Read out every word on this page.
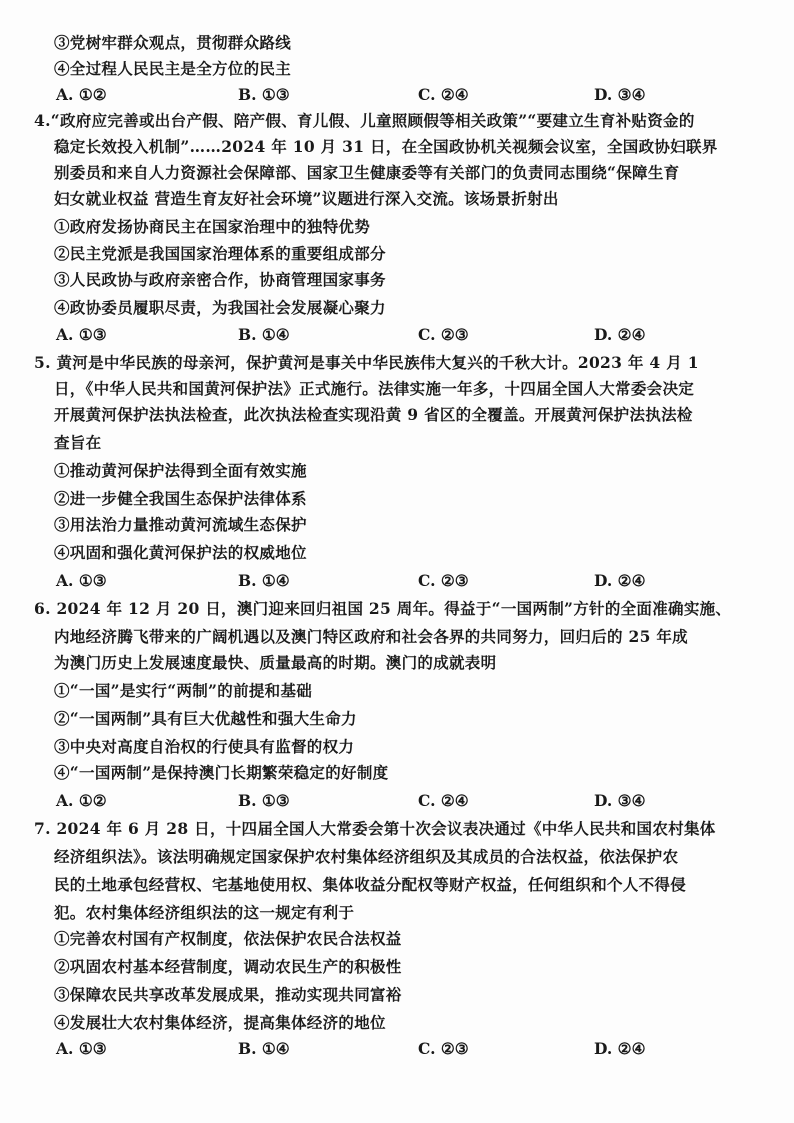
③党树牢群众观点，贯彻群众路线
④全过程人民民主是全方位的民主
A. ①②	B. ①③	C. ②④	D. ③④
4.“政府应完善或出台产假、陪产假、育儿假、儿童照顾假等相关政策”“要建立生育补贴资金的
稳定长效投入机制”……2024 年 10 月 31 日，在全国政协机关视频会议室，全国政协妇联界
别委员和来自人力资源社会保障部、国家卫生健康委等有关部门的负责同志围绕“保障生育
妇女就业权益 营造生育友好社会环境”议题进行深入交流。该场景折射出
①政府发扬协商民主在国家治理中的独特优势
②民主党派是我国国家治理体系的重要组成部分
③人民政协与政府亲密合作，协商管理国家事务
④政协委员履职尽责，为我国社会发展凝心聚力
A. ①③	B. ①④	C. ②③	D. ②④
5. 黄河是中华民族的母亲河，保护黄河是事关中华民族伟大复兴的千秋大计。2023 年 4 月 1
日，《中华人民共和国黄河保护法》正式施行。法律实施一年多，十四届全国人大常委会决定
开展黄河保护法执法检查，此次执法检查实现沿黄 9 省区的全覆盖。开展黄河保护法执法检
查旨在
①推动黄河保护法得到全面有效实施
②进一步健全我国生态保护法律体系
③用法治力量推动黄河流域生态保护
④巩固和强化黄河保护法的权威地位
A. ①③	B. ①④	C. ②③	D. ②④
6. 2024 年 12 月 20 日，澳门迎来回归祖国 25 周年。得益于“一国两制”方针的全面准确实施、
内地经济腾飞带来的广阔机遇以及澳门特区政府和社会各界的共同努力，回归后的 25 年成
为澳门历史上发展速度最快、质量最高的时期。澳门的成就表明
①“一国”是实行“两制”的前提和基础
②“一国两制”具有巨大优越性和强大生命力
③中央对高度自治权的行使具有监督的权力
④“一国两制”是保持澳门长期繁荣稳定的好制度
A. ①②	B. ①③	C. ②④	D. ③④
7. 2024 年 6 月 28 日，十四届全国人大常委会第十次会议表决通过《中华人民共和国农村集体
经济组织法》。该法明确规定国家保护农村集体经济组织及其成员的合法权益，依法保护农
民的土地承包经营权、宅基地使用权、集体收益分配权等财产权益，任何组织和个人不得侵
犯。农村集体经济组织法的这一规定有利于
①完善农村国有产权制度，依法保护农民合法权益
②巩固农村基本经营制度，调动农民生产的积极性
③保障农民共享改革发展成果，推动实现共同富裕
④发展壮大农村集体经济，提高集体经济的地位
A. ①③	B. ①④	C. ②③	D. ②④
